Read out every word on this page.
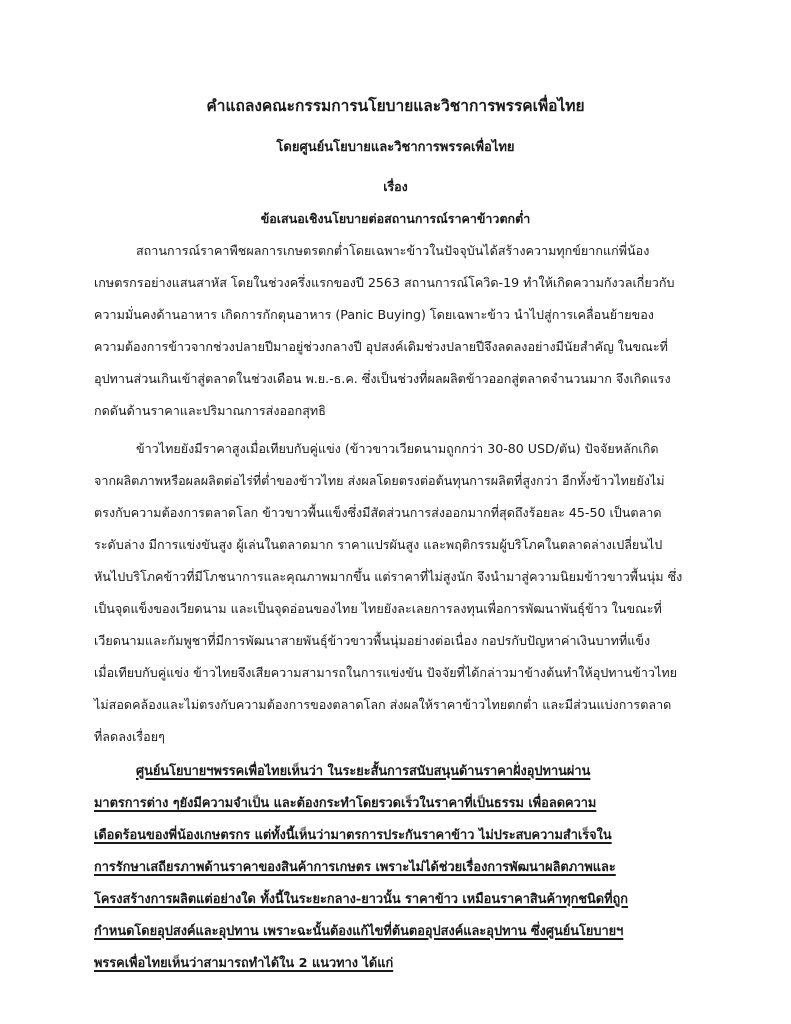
คำแถลงคณะกรรมการนโยบายและวิชาการพรรคเพื่อไทย
โดยศูนย์นโยบายและวิชาการพรรคเพื่อไทย
เรื่อง
ข้อเสนอเชิงนโยบายต่อสถานการณ์ราคาข้าวตกต่ำ
สถานการณ์ราคาพืชผลการเกษตรตกต่ำโดยเฉพาะข้าวในปัจจุบันได้สร้างความทุกข์ยากแก่พี่น้อง
เกษตรกรอย่างแสนสาหัส โดยในช่วงครึ่งแรกของปี 2563 สถานการณ์โควิด-19 ทำให้เกิดความกังวลเกี่ยวกับ
ความมั่นคงด้านอาหาร เกิดการกักตุนอาหาร (Panic Buying) โดยเฉพาะข้าว นำไปสู่การเคลื่อนย้ายของ
ความต้องการข้าวจากช่วงปลายปีมาอยู่ช่วงกลางปี อุปสงค์เดิมช่วงปลายปีจึงลดลงอย่างมีนัยสำคัญ ในขณะที่
อุปทานส่วนเกินเข้าสู่ตลาดในช่วงเดือน พ.ย.-ธ.ค. ซึ่งเป็นช่วงที่ผลผลิตข้าวออกสู่ตลาดจำนวนมาก จึงเกิดแรง
กดดันด้านราคาและปริมาณการส่งออกสุทธิ
ข้าวไทยยังมีราคาสูงเมื่อเทียบกับคู่แข่ง (ข้าวขาวเวียดนามถูกกว่า 30-80 USD/ตัน) ปัจจัยหลักเกิด
จากผลิตภาพหรือผลผลิตต่อไร่ที่ต่ำของข้าวไทย ส่งผลโดยตรงต่อต้นทุนการผลิตที่สูงกว่า อีกทั้งข้าวไทยยังไม่
ตรงกับความต้องการตลาดโลก ข้าวขาวพื้นแข็งซึ่งมีสัดส่วนการส่งออกมากที่สุดถึงร้อยละ 45-50 เป็นตลาด
ระดับล่าง มีการแข่งขันสูง ผู้เล่นในตลาดมาก ราคาแปรผันสูง และพฤติกรรมผู้บริโภคในตลาดล่างเปลี่ยนไป
หันไปบริโภคข้าวที่มีโภชนาการและคุณภาพมากขึ้น แต่ราคาที่ไม่สูงนัก จึงนำมาสู่ความนิยมข้าวขาวพื้นนุ่ม ซึ่ง
เป็นจุดแข็งของเวียดนาม และเป็นจุดอ่อนของไทย ไทยยังละเลยการลงทุนเพื่อการพัฒนาพันธุ์ข้าว ในขณะที่
เวียดนามและกัมพูชาที่มีการพัฒนาสายพันธุ์ข้าวขาวพื้นนุ่มอย่างต่อเนื่อง กอปรกับปัญหาค่าเงินบาทที่แข็ง
เมื่อเทียบกับคู่แข่ง ข้าวไทยจึงเสียความสามารถในการแข่งขัน ปัจจัยที่ได้กล่าวมาข้างต้นทำให้อุปทานข้าวไทย
ไม่สอดคล้องและไม่ตรงกับความต้องการของตลาดโลก ส่งผลให้ราคาข้าวไทยตกต่ำ และมีส่วนแบ่งการตลาด
ที่ลดลงเรื่อยๆ
ศูนย์นโยบายฯพรรคเพื่อไทยเห็นว่า ในระยะสั้นการสนับสนุนด้านราคาฝั่งอุปทานผ่าน
มาตรการต่าง ๆยังมีความจำเป็น และต้องกระทำโดยรวดเร็วในราคาที่เป็นธรรม เพื่อลดความ
เดือดร้อนของพี่น้องเกษตรกร แต่ทั้งนี้เห็นว่ามาตรการประกันราคาข้าว ไม่ประสบความสำเร็จใน
การรักษาเสถียรภาพด้านราคาของสินค้าการเกษตร เพราะไม่ได้ช่วยเรื่องการพัฒนาผลิตภาพและ
โครงสร้างการผลิตแต่อย่างใด ทั้งนี้ในระยะกลาง-ยาวนั้น ราคาข้าว เหมือนราคาสินค้าทุกชนิดที่ถูก
กำหนดโดยอุปสงค์และอุปทาน เพราะฉะนั้นต้องแก้ไขที่ต้นตออุปสงค์และอุปทาน ซึ่งศูนย์นโยบายฯ
พรรคเพื่อไทยเห็นว่าสามารถทำได้ใน 2 แนวทาง ได้แก่
